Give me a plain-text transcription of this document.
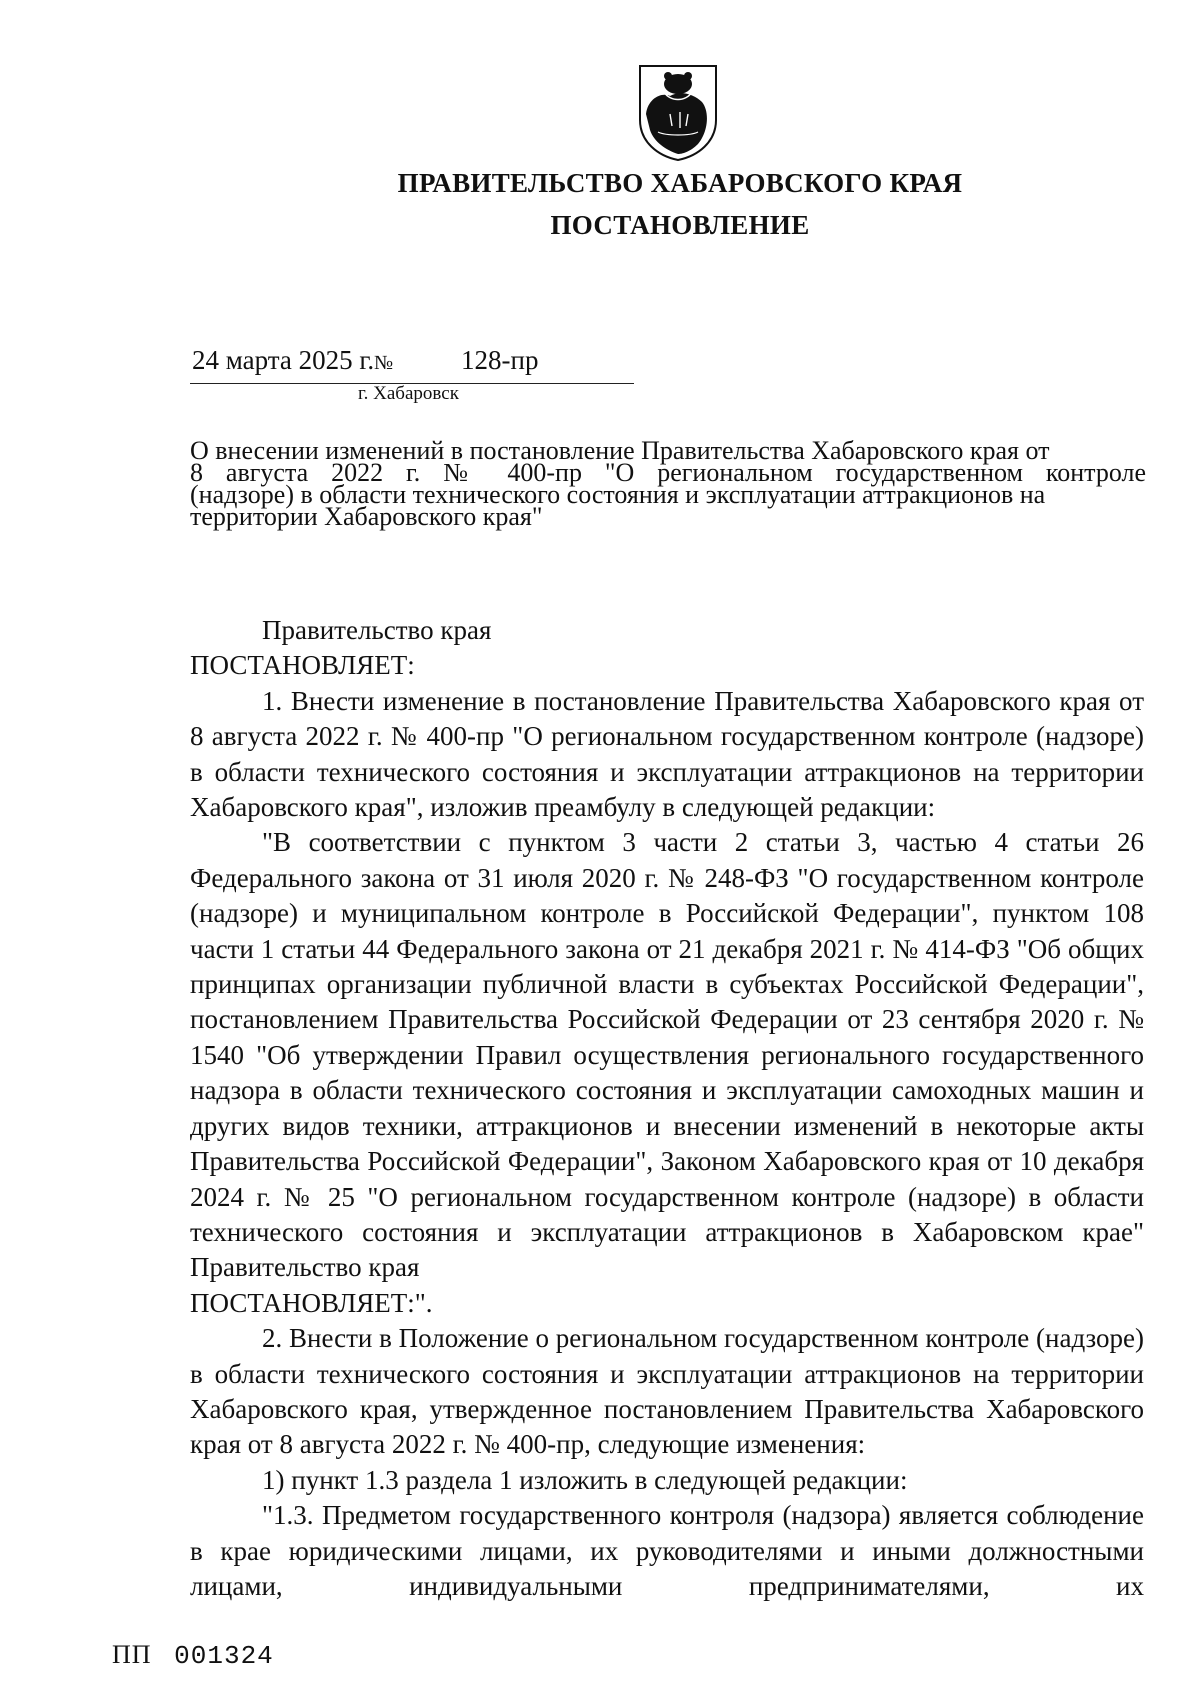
ПРАВИТЕЛЬСТВО ХАБАРОВСКОГО КРАЯ
ПОСТАНОВЛЕНИЕ
24 марта 2025 г. №	128-пр
г. Хабаровск
О внесении изменений в постановление Правительства Хабаровского края от
8 августа 2022 г. № 400-пр "О региональном государственном контроле
(надзоре) в области технического состояния и эксплуатации аттракционов на
территории Хабаровского края"

Правительство края

ПОСТАНОВЛЯЕТ:

1. Внести изменение в постановление Правительства Хабаровского края от 8 августа 2022 г. № 400-пр "О региональном государственном контроле (надзоре) в области технического состояния и эксплуатации аттракционов на территории Хабаровского края", изложив преамбулу в следующей редакции:

"В соответствии с пунктом 3 части 2 статьи 3, частью 4 статьи 26 Федерального закона от 31 июля 2020 г. № 248-ФЗ "О государственном контроле (надзоре) и муниципальном контроле в Российской Федерации", пунктом 108 части 1 статьи 44 Федерального закона от 21 декабря 2021 г. № 414-ФЗ "Об общих принципах организации публичной власти в субъектах Российской Федерации", постановлением Правительства Российской Федерации от 23 сентября 2020 г. № 1540 "Об утверждении Правил осуществления регионального государственного надзора в области технического состояния и эксплуатации самоходных машин и других видов техники, аттракционов и внесении изменений в некоторые акты Правительства Российской Федерации", Законом Хабаровского края от 10 декабря 2024 г. № 25 "О региональном государственном контроле (надзоре) в области технического состояния и эксплуатации аттракционов в Хабаровском крае" Правительство края

ПОСТАНОВЛЯЕТ:".

2. Внести в Положение о региональном государственном контроле (надзоре) в области технического состояния и эксплуатации аттракционов на территории Хабаровского края, утвержденное постановлением Правительства Хабаровского края от 8 августа 2022 г. № 400-пр, следующие изменения:

1) пункт 1.3 раздела 1 изложить в следующей редакции:

"1.3. Предметом государственного контроля (надзора) является соблюдение в крае юридическими лицами, их руководителями и иными должностными лицами, индивидуальными предпринимателями, их

ПП 001324
